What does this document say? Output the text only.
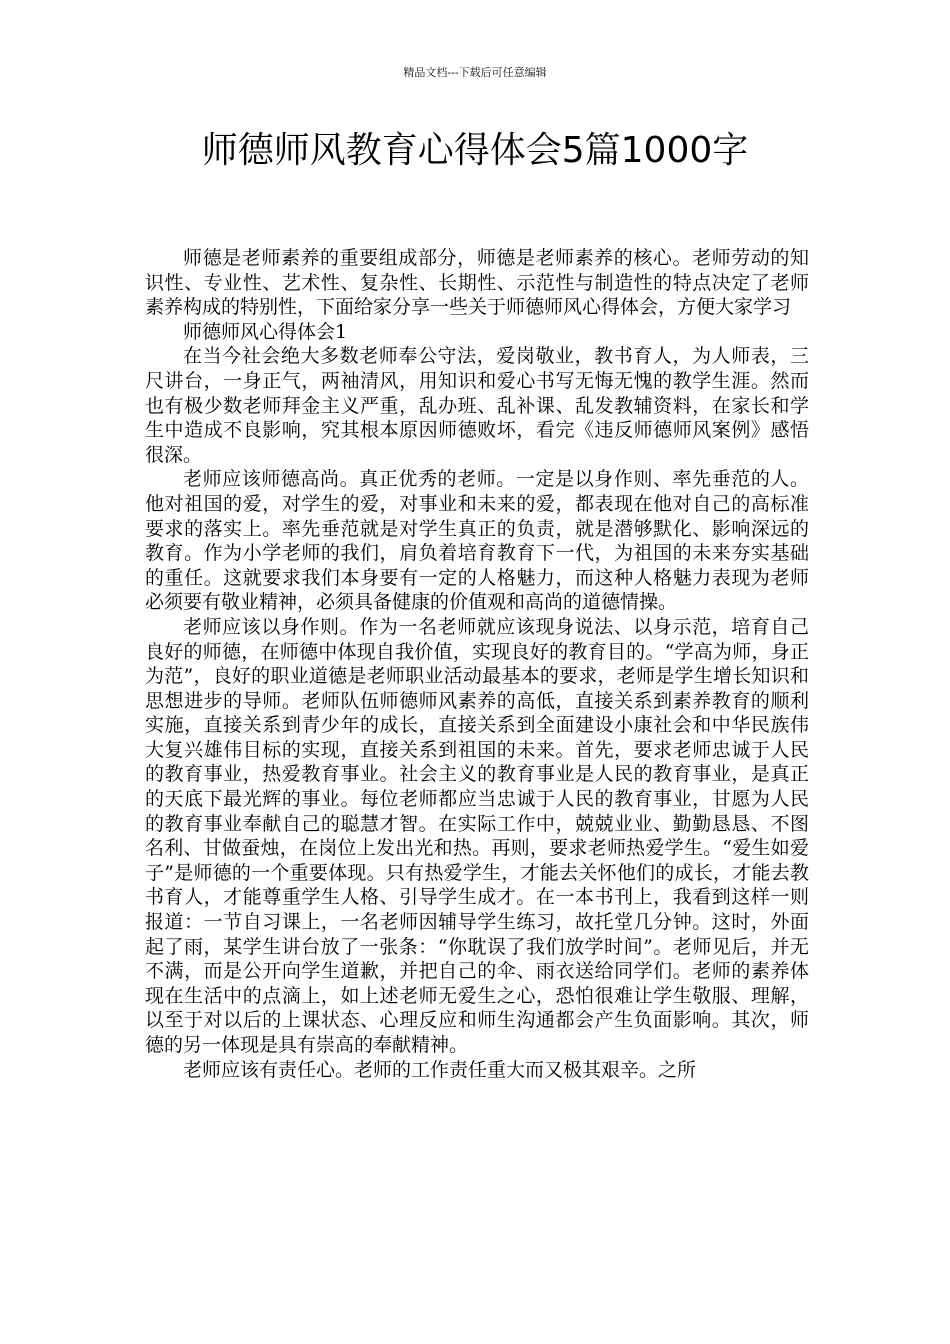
精品文档---下载后可任意编辑
师德师风教育心得体会5篇1000字

师德是老师素养的重要组成部分，师德是老师素养的核心。老师劳动的知识性、专业性、艺术性、复杂性、长期性、示范性与制造性的特点决定了老师素养构成的特别性，下面给家分享一些关于师德师风心得体会，方便大家学习

师德师风心得体会1

在当今社会绝大多数老师奉公守法，爱岗敬业，教书育人，为人师表，三尺讲台，一身正气，两袖清风，用知识和爱心书写无悔无愧的教学生涯。然而也有极少数老师拜金主义严重，乱办班、乱补课、乱发教辅资料，在家长和学生中造成不良影响，究其根本原因师德败坏，看完《违反师德师风案例》感悟很深。

老师应该师德高尚。真正优秀的老师。一定是以身作则、率先垂范的人。他对祖国的爱，对学生的爱，对事业和未来的爱，都表现在他对自己的高标准要求的落实上。率先垂范就是对学生真正的负责，就是潜够默化、影响深远的教育。作为小学老师的我们，肩负着培育教育下一代，为祖国的未来夯实基础的重任。这就要求我们本身要有一定的人格魅力，而这种人格魅力表现为老师必须要有敬业精神，必须具备健康的价值观和高尚的道德情操。

老师应该以身作则。作为一名老师就应该现身说法、以身示范，培育自己良好的师德，在师德中体现自我价值，实现良好的教育目的。“学高为师，身正为范”，良好的职业道德是老师职业活动最基本的要求，老师是学生增长知识和思想进步的导师。老师队伍师德师风素养的高低，直接关系到素养教育的顺利实施，直接关系到青少年的成长，直接关系到全面建设小康社会和中华民族伟大复兴雄伟目标的实现，直接关系到祖国的未来。首先，要求老师忠诚于人民的教育事业，热爱教育事业。社会主义的教育事业是人民的教育事业，是真正的天底下最光辉的事业。每位老师都应当忠诚于人民的教育事业，甘愿为人民的教育事业奉献自己的聪慧才智。在实际工作中，兢兢业业、勤勤恳恳、不图名利、甘做蚕烛，在岗位上发出光和热。再则，要求老师热爱学生。“爱生如爱子”是师德的一个重要体现。只有热爱学生，才能去关怀他们的成长，才能去教书育人，才能尊重学生人格、引导学生成才。在一本书刊上，我看到这样一则报道：一节自习课上，一名老师因辅导学生练习，故托堂几分钟。这时，外面起了雨，某学生讲台放了一张条：“你耽误了我们放学时间”。老师见后，并无不满，而是公开向学生道歉，并把自己的伞、雨衣送给同学们。老师的素养体现在生活中的点滴上，如上述老师无爱生之心，恐怕很难让学生敬服、理解，以至于对以后的上课状态、心理反应和师生沟通都会产生负面影响。其次，师德的另一体现是具有崇高的奉献精神。

老师应该有责任心。老师的工作责任重大而又极其艰辛。之所
